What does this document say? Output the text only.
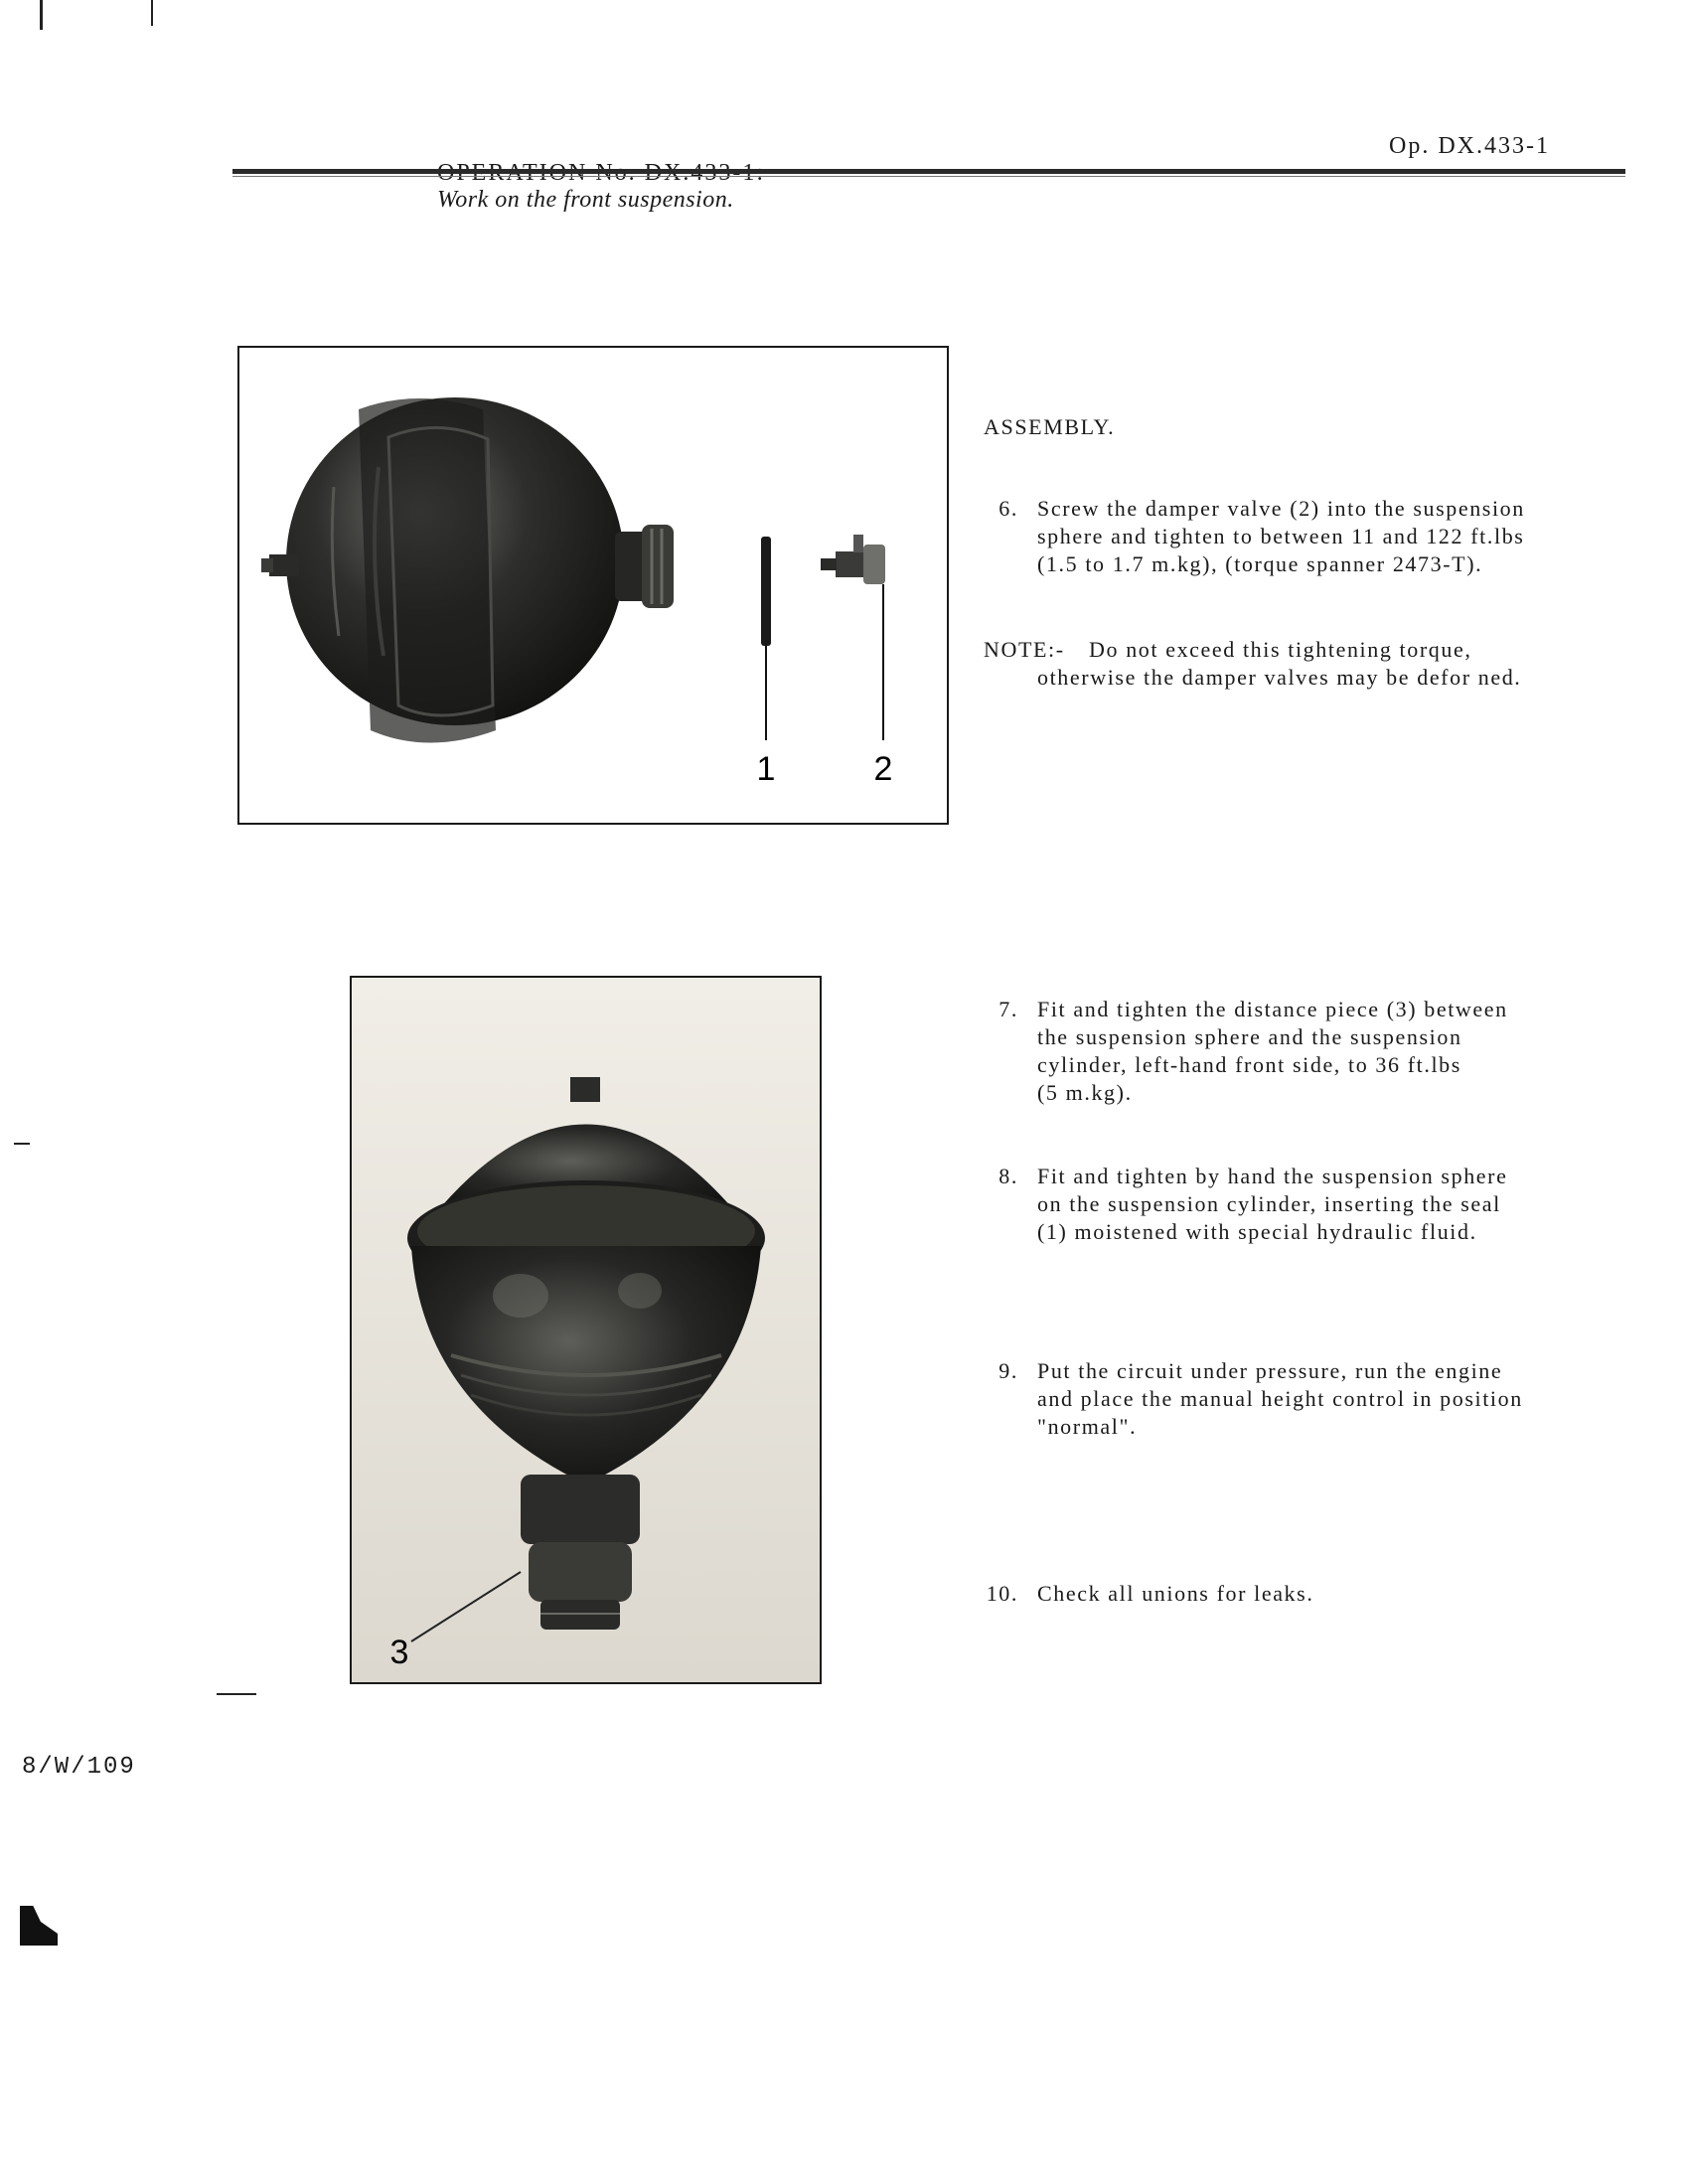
Work on the front suspension.

Op. DX.433-1
1	2
3
ASSEMBLY.
6. Screw the damper valve (2) into the suspension
sphere and tighten to between 11 and 122 ft.lbs
(1.5 to 1.7 m.kg), (torque spanner 2473-T).
NOTE:- Do not exceed this tightening torque,
otherwise the damper valves may be defor ned.
7. Fit and tighten the distance piece (3) between
the suspension sphere and the suspension
cylinder, left-hand front side, to 36 ft.lbs
(5 m.kg).
8. Fit and tighten by hand the suspension sphere
on the suspension cylinder, inserting the seal
(1) moistened with special hydraulic fluid.
9. Put the circuit under pressure, run the engine
and place the manual height control in position
"normal".
10. Check all unions for leaks.
8/W/109
